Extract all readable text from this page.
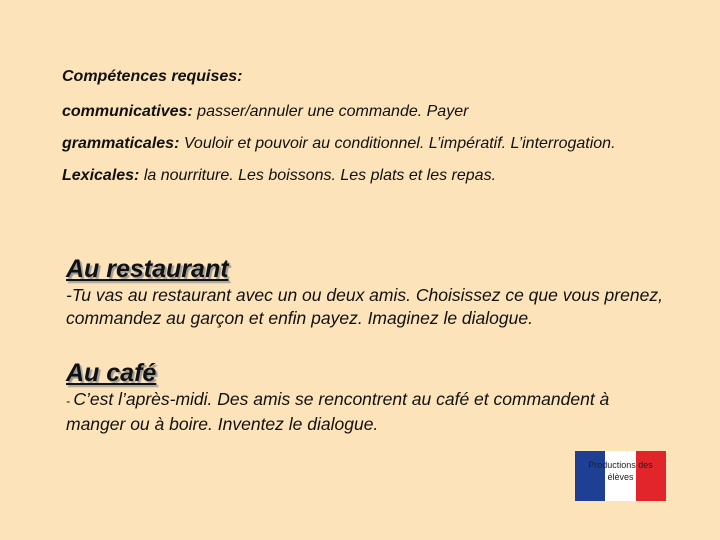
Compétences requises:

communicatives: passer/annuler une commande. Payer

grammaticales: Vouloir et pouvoir au conditionnel. L’impératif. L’interrogation.

Lexicales: la nourriture. Les boissons. Les plats et les repas.

Au restaurant

-Tu vas au restaurant avec un ou deux amis. Choisissez ce que vous prenez, commandez au garçon et enfin payez. Imaginez le dialogue.

Au café

- C’est l’après-midi. Des amis se rencontrent au café et commandent à manger ou à boire. Inventez le dialogue.

Productions des élèves
